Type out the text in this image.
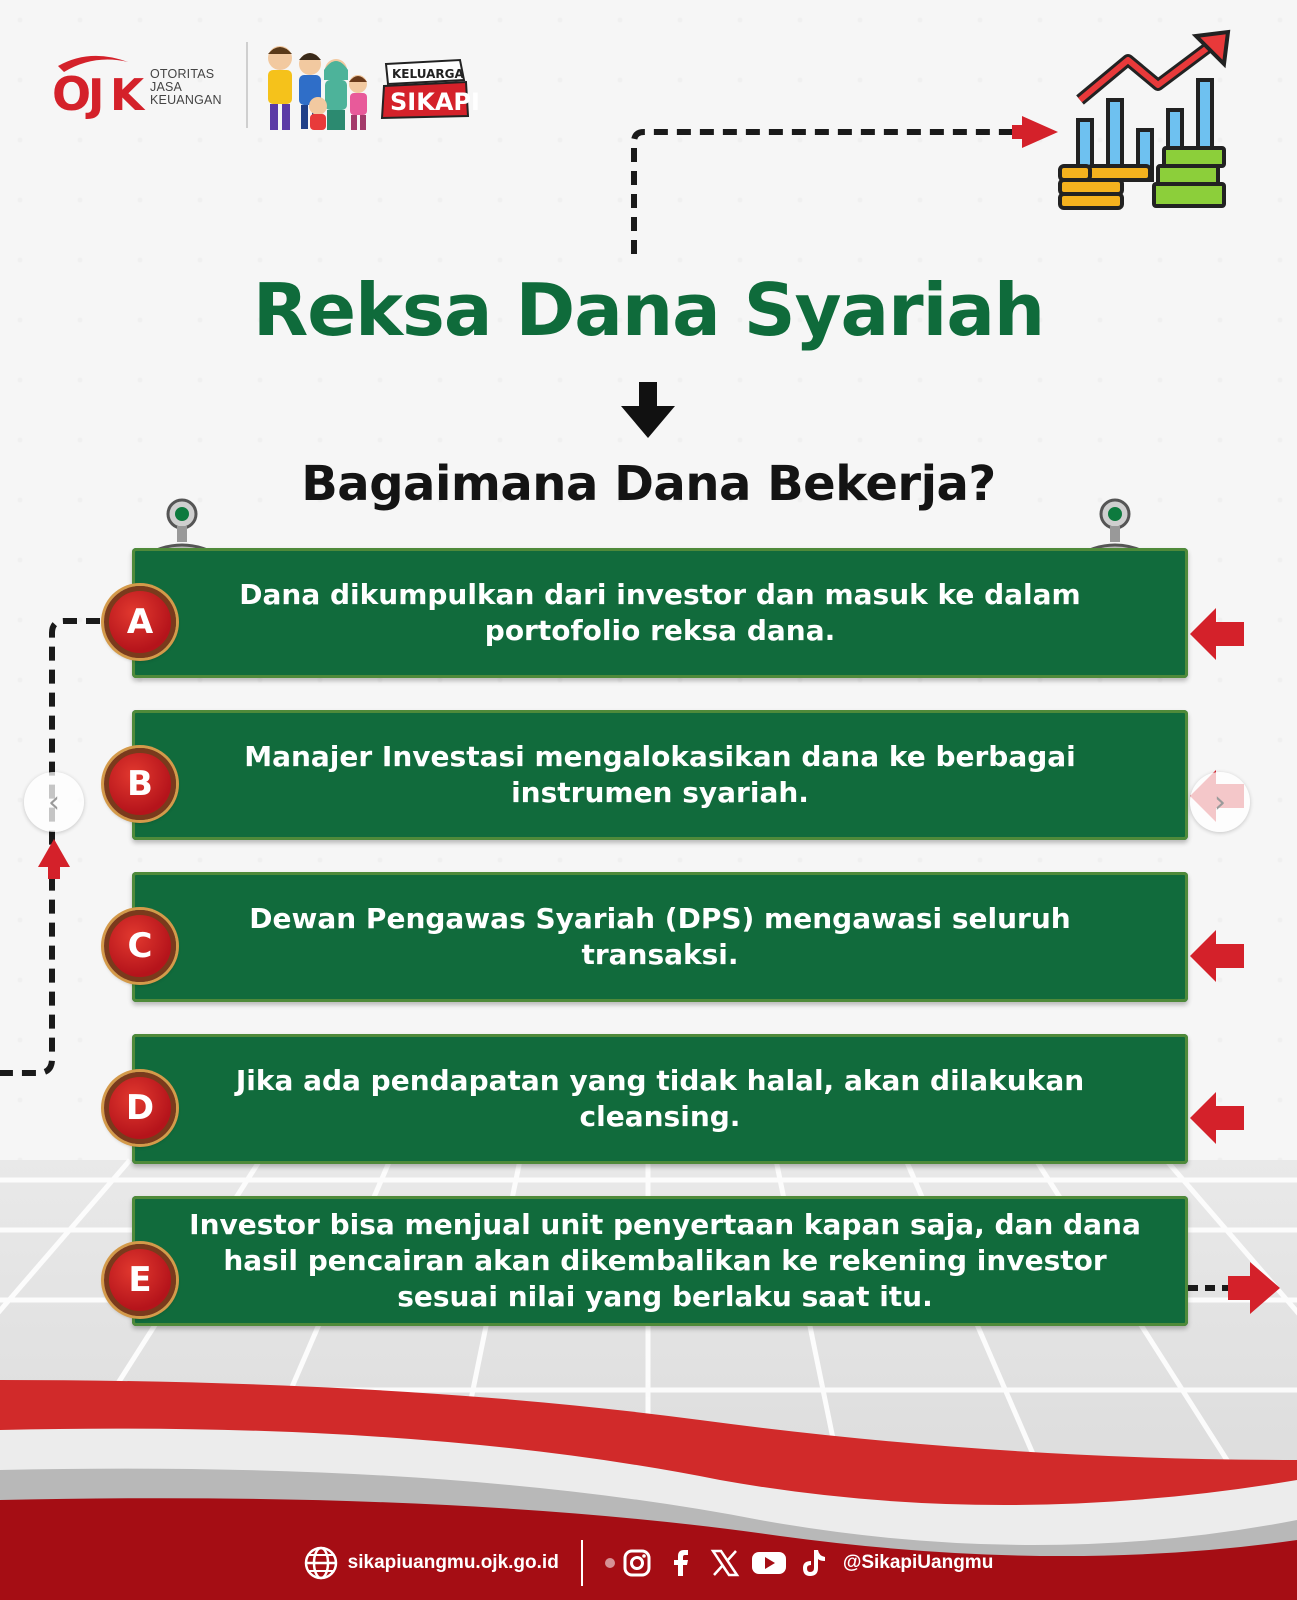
O
J K OTORITAS
JASA
KEUANGAN
KELUARGA
SIKAPI
Reksa Dana Syariah
Bagaimana Dana Bekerja?
Dana dikumpulkan dari investor dan masuk ke dalam portofolio reksa dana.
A
Manajer Investasi mengalokasikan dana ke berbagai instrumen syariah.
B
Dewan Pengawas Syariah (DPS) mengawasi seluruh transaksi.
C
Jika ada pendapatan yang tidak halal, akan dilakukan cleansing.
D
Investor bisa menjual unit penyertaan kapan saja, dan dana hasil pencairan akan dikembalikan ke rekening investor sesuai nilai yang berlaku saat itu.
E
‹	›
sikapiuangmu.ojk.go.id	@SikapiUangmu
